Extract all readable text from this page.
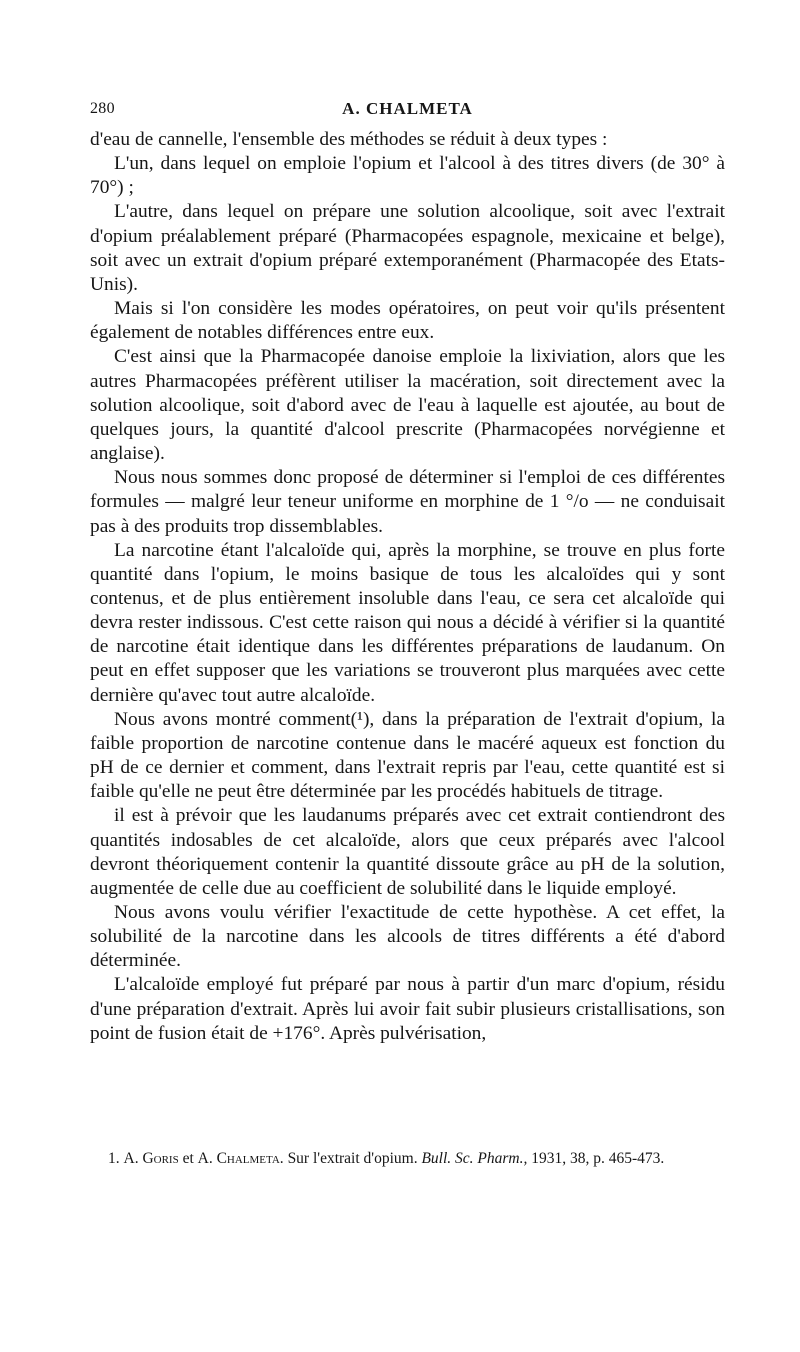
280	A. CHALMETA

d'eau de cannelle, l'ensemble des méthodes se réduit à deux types :

L'un, dans lequel on emploie l'opium et l'alcool à des titres divers (de 30° à 70°) ;

L'autre, dans lequel on prépare une solution alcoolique, soit avec l'extrait d'opium préalablement préparé (Pharmacopées espagnole, mexicaine et belge), soit avec un extrait d'opium préparé extemporanément (Pharmacopée des Etats-Unis).

Mais si l'on considère les modes opératoires, on peut voir qu'ils présentent également de notables différences entre eux.

C'est ainsi que la Pharmacopée danoise emploie la lixiviation, alors que les autres Pharmacopées préfèrent utiliser la macération, soit directement avec la solution alcoolique, soit d'abord avec de l'eau à laquelle est ajoutée, au bout de quelques jours, la quantité d'alcool prescrite (Pharmacopées norvégienne et anglaise).

Nous nous sommes donc proposé de déterminer si l'emploi de ces différentes formules — malgré leur teneur uniforme en morphine de 1 °/o — ne conduisait pas à des produits trop dissemblables.

La narcotine étant l'alcaloïde qui, après la morphine, se trouve en plus forte quantité dans l'opium, le moins basique de tous les alcaloïdes qui y sont contenus, et de plus entièrement insoluble dans l'eau, ce sera cet alcaloïde qui devra rester indissous. C'est cette raison qui nous a décidé à vérifier si la quantité de narcotine était identique dans les différentes préparations de laudanum. On peut en effet supposer que les variations se trouveront plus marquées avec cette dernière qu'avec tout autre alcaloïde.

Nous avons montré comment(¹), dans la préparation de l'extrait d'opium, la faible proportion de narcotine contenue dans le macéré aqueux est fonction du pH de ce dernier et comment, dans l'extrait repris par l'eau, cette quantité est si faible qu'elle ne peut être déterminée par les procédés habituels de titrage.

il est à prévoir que les laudanums préparés avec cet extrait contiendront des quantités indosables de cet alcaloïde, alors que ceux préparés avec l'alcool devront théoriquement contenir la quantité dissoute grâce au pH de la solution, augmentée de celle due au coefficient de solubilité dans le liquide employé.

Nous avons voulu vérifier l'exactitude de cette hypothèse. A cet effet, la solubilité de la narcotine dans les alcools de titres différents a été d'abord déterminée.

L'alcaloïde employé fut préparé par nous à partir d'un marc d'opium, résidu d'une préparation d'extrait. Après lui avoir fait subir plusieurs cristallisations, son point de fusion était de +176°. Après pulvérisation,

1. A. Goris et A. Chalmeta. Sur l'extrait d'opium. Bull. Sc. Pharm., 1931, 38, p. 465-473.
